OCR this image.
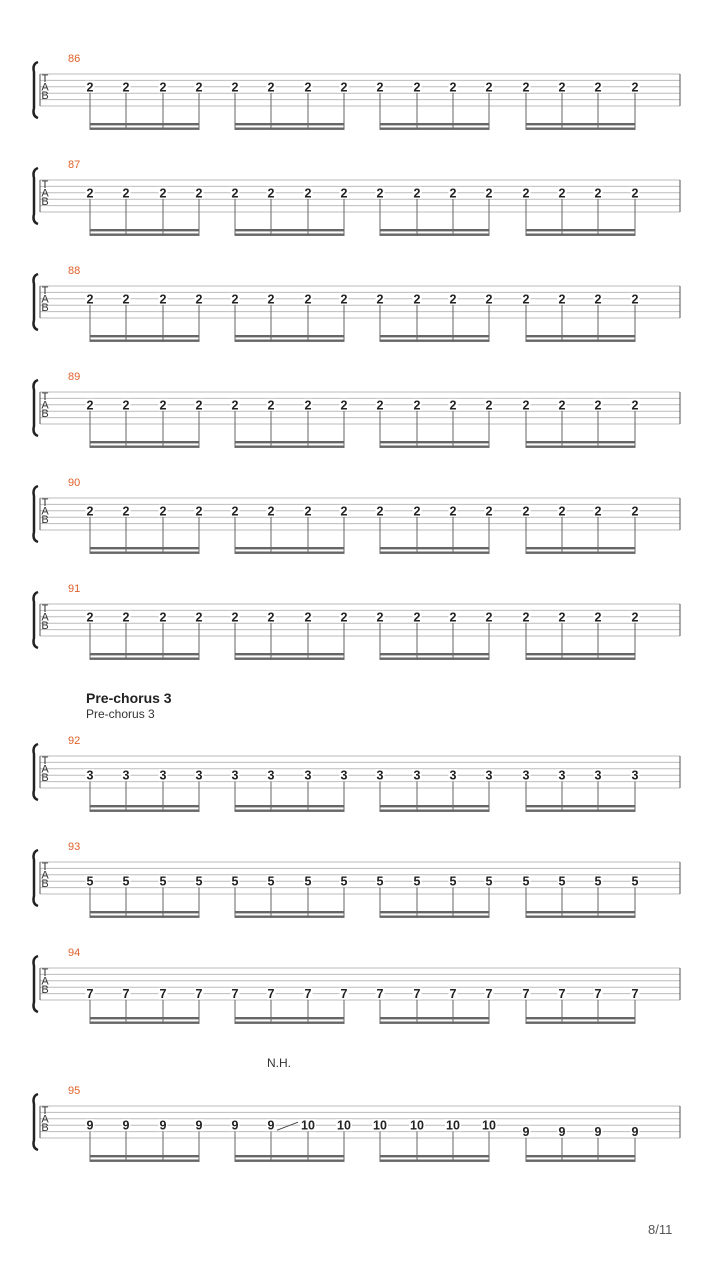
T
A
B
86
2 2 2 2 2 2 2 2 2 2 2 2 2 2 2 2
T
A
B
87
2 2 2 2 2 2 2 2 2 2 2 2 2 2 2 2
T
A
B
88
2 2 2 2 2 2 2 2 2 2 2 2 2 2 2 2
T
A
B
89
2 2 2 2 2 2 2 2 2 2 2 2 2 2 2 2
T
A
B
90
2 2 2 2 2 2 2 2 2 2 2 2 2 2 2 2
T
A
B
91
2 2 2 2 2 2 2 2 2 2 2 2 2 2 2 2
T
A
B
92
3 3 3 3 3 3 3 3 3 3 3 3 3 3 3 3
T
A
B
93
5 5 5 5 5 5 5 5 5 5 5 5 5 5 5 5
T
A
B
94
7 7 7 7 7 7 7 7 7 7 7 7 7 7 7 7
T
A
B
95
N.H.
9 9 9 9 9 9 10 10 10 10 10 10 9 9 9 9
Pre-chorus 3
Pre-chorus 3
8/11
